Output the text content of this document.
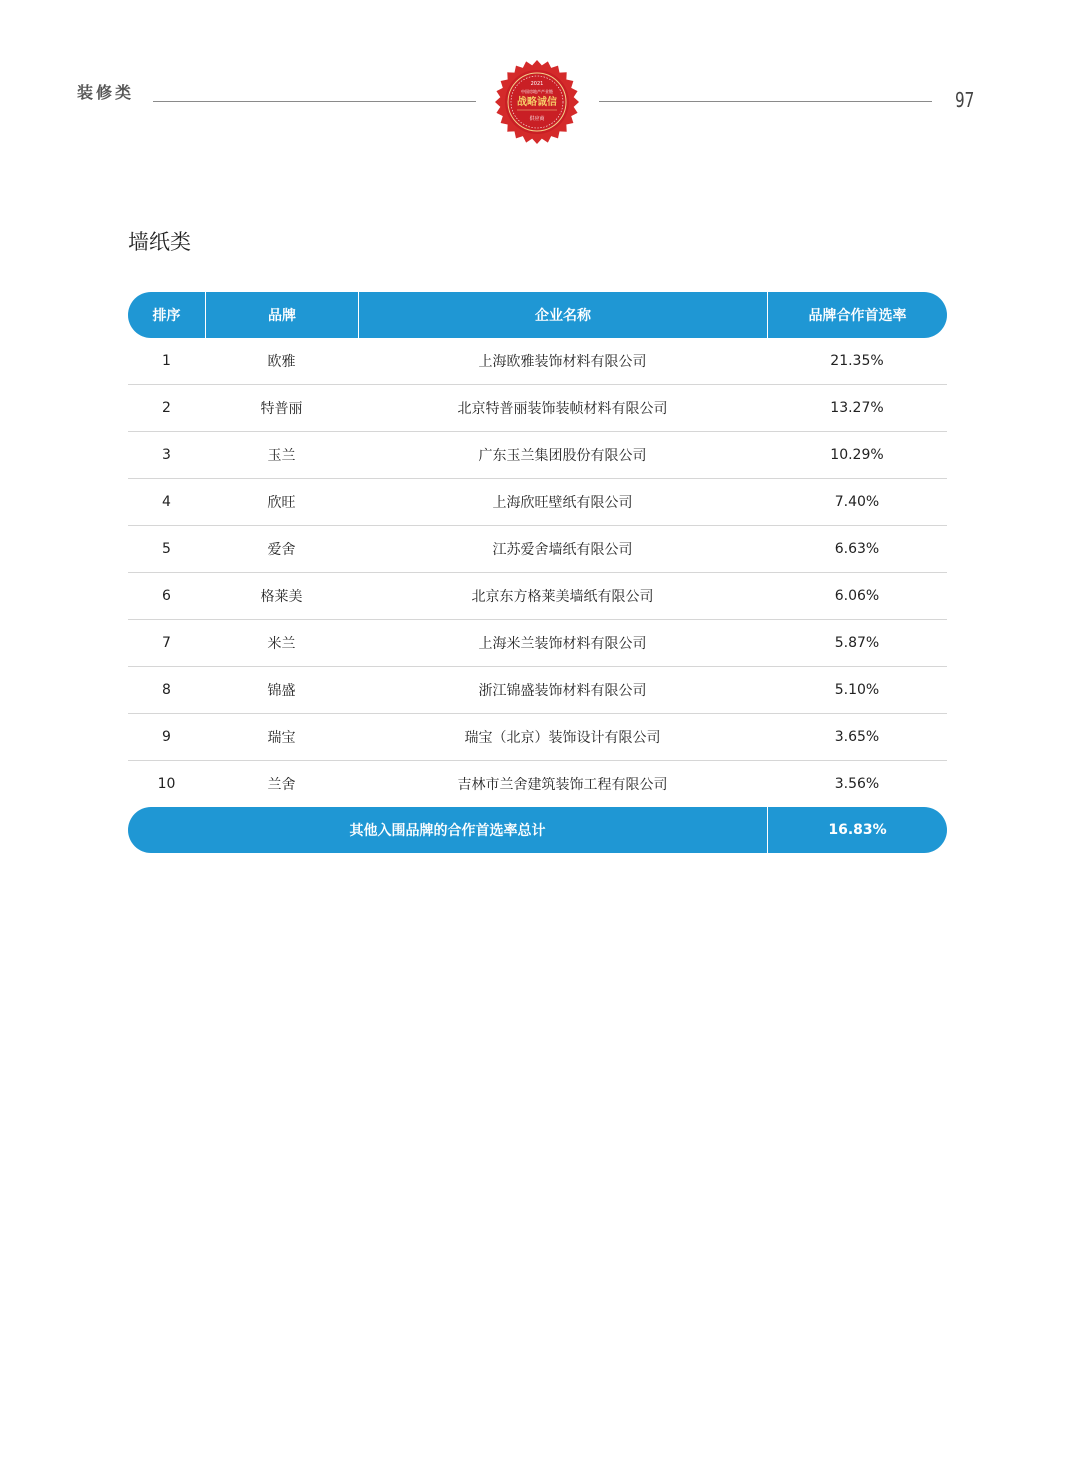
装修类	2021
中国房地产产业链
战略诚信
供应商
97
墙纸类
排序	品牌	企业名称	品牌合作首选率
1	欧雅	上海欧雅装饰材料有限公司	21.35%
2	特普丽	北京特普丽装饰装帧材料有限公司	13.27%
3	玉兰	广东玉兰集团股份有限公司	10.29%
4	欣旺	上海欣旺壁纸有限公司	7.40%
5	爱舍	江苏爱舍墙纸有限公司	6.63%
6	格莱美	北京东方格莱美墙纸有限公司	6.06%
7	米兰	上海米兰装饰材料有限公司	5.87%
8	锦盛	浙江锦盛装饰材料有限公司	5.10%
9	瑞宝	瑞宝（北京）装饰设计有限公司	3.65%
10	兰舍	吉林市兰舍建筑装饰工程有限公司	3.56%
其他入围品牌的合作首选率总计	16.83%
